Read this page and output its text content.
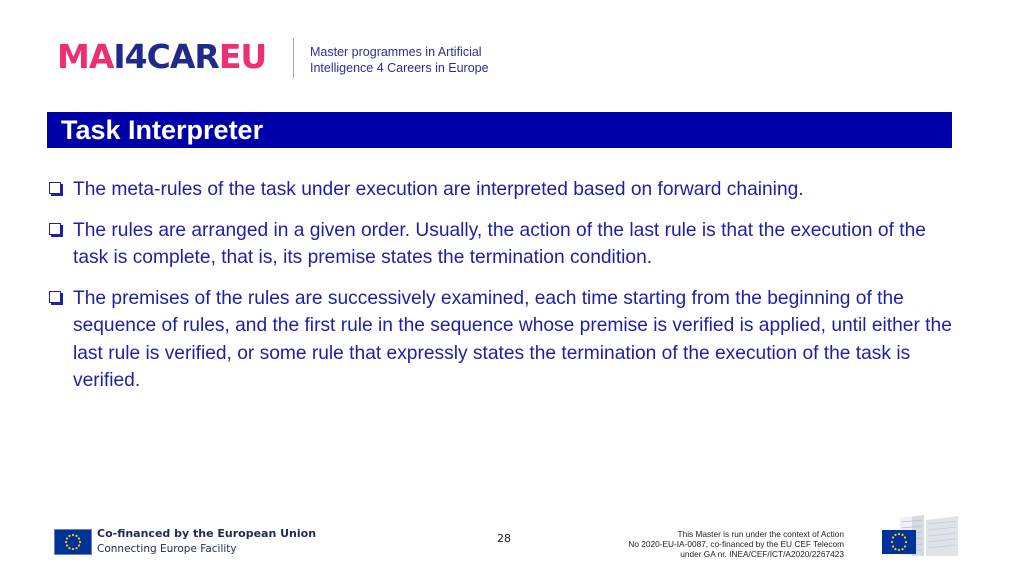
MAI4CAREU	Master programmes in Artificial
Intelligence 4 Careers in Europe
Task Interpreter
The meta-rules of the task under execution are interpreted based on forward chaining.
The rules are arranged in a given order. Usually, the action of the last rule is that the execution of the task is complete, that is, its premise states the termination condition.
The premises of the rules are successively examined, each time starting from the beginning of the sequence of rules, and the first rule in the sequence whose premise is verified is applied, until either the last rule is verified, or some rule that expressly states the termination of the execution of the task is verified.
Co-financed by the European Union
Connecting Europe Facility
28	This Master is run under the context of Action
No 2020-EU-IA-0087, co-financed by the EU CEF Telecom
under GA nr. INEA/CEF/ICT/A2020/2267423
